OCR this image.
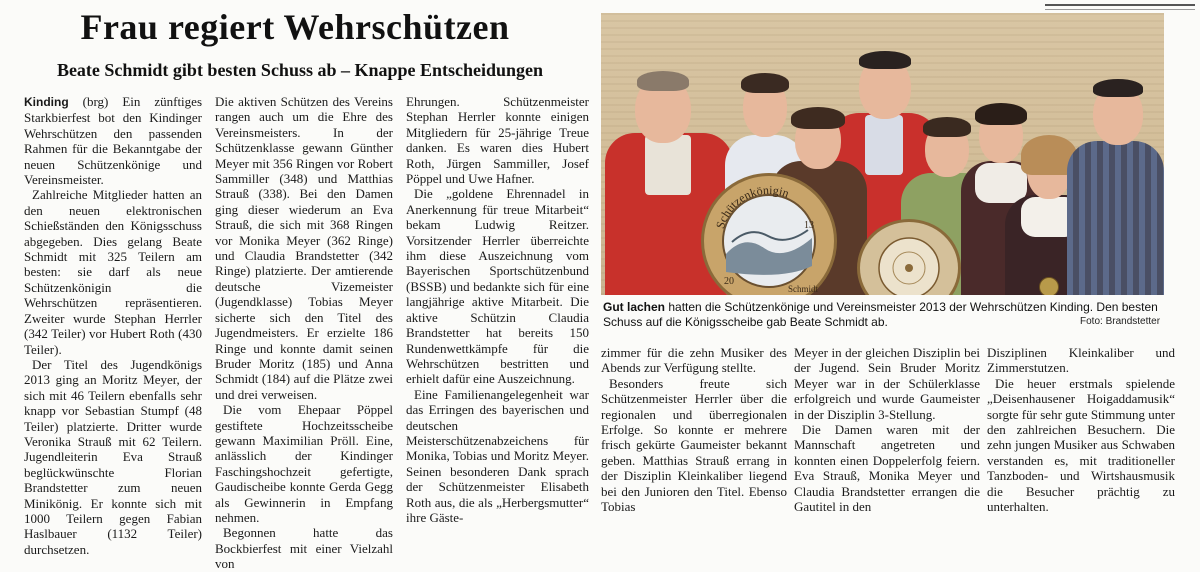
Frau regiert Wehrschützen
Beate Schmidt gibt besten Schuss ab – Knappe Entscheidungen

Kinding (brg) Ein zünftiges Starkbierfest bot den Kindinger Wehrschützen den passenden Rahmen für die Bekanntgabe der neuen Schützenkönige und Vereinsmeister.

Zahlreiche Mitglieder hatten an den neuen elektronischen Schießständen den Königsschuss abgegeben. Dies gelang Beate Schmidt mit 325 Teilern am besten: sie darf als neue Schützenkönigin die Wehrschützen repräsentieren. Zweiter wurde Stephan Herrler (342 Teiler) vor Hubert Roth (430 Teiler).

Der Titel des Jugendkönigs 2013 ging an Moritz Meyer, der sich mit 46 Teilern ebenfalls sehr knapp vor Sebastian Stumpf (48 Teiler) platzierte. Dritter wurde Veronika Strauß mit 62 Teilern. Jugendleiterin Eva Strauß beglückwünschte Florian Brandstetter zum neuen Minikönig. Er konnte sich mit 1000 Teilern gegen Fabian Haslbauer (1132 Teiler) durchsetzen.

Die aktiven Schützen des Vereins rangen auch um die Ehre des Vereinsmeisters. In der Schützenklasse gewann Günther Meyer mit 356 Ringen vor Robert Sammiller (348) und Matthias Strauß (338). Bei den Damen ging dieser wiederum an Eva Strauß, die sich mit 368 Ringen vor Monika Meyer (362 Ringe) und Claudia Brandstetter (342 Ringe) platzierte. Der amtierende deutsche Vizemeister (Jugendklasse) Tobias Meyer sicherte sich den Titel des Jugendmeisters. Er erzielte 186 Ringe und konnte damit seinen Bruder Moritz (185) und Anna Schmidt (184) auf die Plätze zwei und drei verweisen.

Die vom Ehepaar Pöppel gestiftete Hochzeitsscheibe gewann Maximilian Pröll. Eine, anlässlich der Kindinger Faschingshochzeit gefertigte, Gaudischeibe konnte Gerda Gegg als Gewinnerin in Empfang nehmen.

Begonnen hatte das Bockbierfest mit einer Vielzahl von

Ehrungen. Schützenmeister Stephan Herrler konnte einigen Mitgliedern für 25-jährige Treue danken. Es waren dies Hubert Roth, Jürgen Sammiller, Josef Pöppel und Uwe Hafner.

Die „goldene Ehrennadel in Anerkennung für treue Mitarbeit“ bekam Ludwig Reitzer. Vorsitzender Herrler überreichte ihm diese Auszeichnung vom Bayerischen Sportschützenbund (BSSB) und bedankte sich für eine langjährige aktive Mitarbeit. Die aktive Schützin Claudia Brandstetter hat bereits 150 Rundenwettkämpfe für die Wehrschützen bestritten und erhielt dafür eine Auszeichnung.

Eine Familienangelegenheit war das Erringen des bayerischen und deutschen Meisterschützenabzeichens für Monika, Tobias und Moritz Meyer. Seinen besonderen Dank sprach der Schützenmeister Elisabeth Roth aus, die als „Herbergsmutter“ ihre Gäste-

Schützenkönigin
20
13
Schmidt
Gut lachen hatten die Schützenkönige und Vereinsmeister 2013 der Wehrschützen Kinding. Den besten Schuss auf die Königsscheibe gab Beate Schmidt ab.	Foto: Brandstetter

zimmer für die zehn Musiker des Abends zur Verfügung stellte.

Besonders freute sich Schützenmeister Herrler über die regionalen und überregionalen Erfolge. So konnte er mehrere frisch gekürte Gaumeister bekannt geben. Matthias Strauß errang in der Disziplin Kleinkaliber liegend bei den Junioren den Titel. Ebenso Tobias

Meyer in der gleichen Disziplin bei der Jugend. Sein Bruder Moritz Meyer war in der Schülerklasse erfolgreich und wurde Gaumeister in der Disziplin 3-Stellung.

Die Damen waren mit der Mannschaft angetreten und konnten einen Doppelerfolg feiern. Eva Strauß, Monika Meyer und Claudia Brandstetter errangen die Gautitel in den

Disziplinen Kleinkaliber und Zimmerstutzen.

Die heuer erstmals spielende „Deisenhausener Hoigaddamusik“ sorgte für sehr gute Stimmung unter den zahlreichen Besuchern. Die zehn jungen Musiker aus Schwaben verstanden es, mit traditioneller Tanzboden- und Wirtshausmusik die Besucher prächtig zu unterhalten.
